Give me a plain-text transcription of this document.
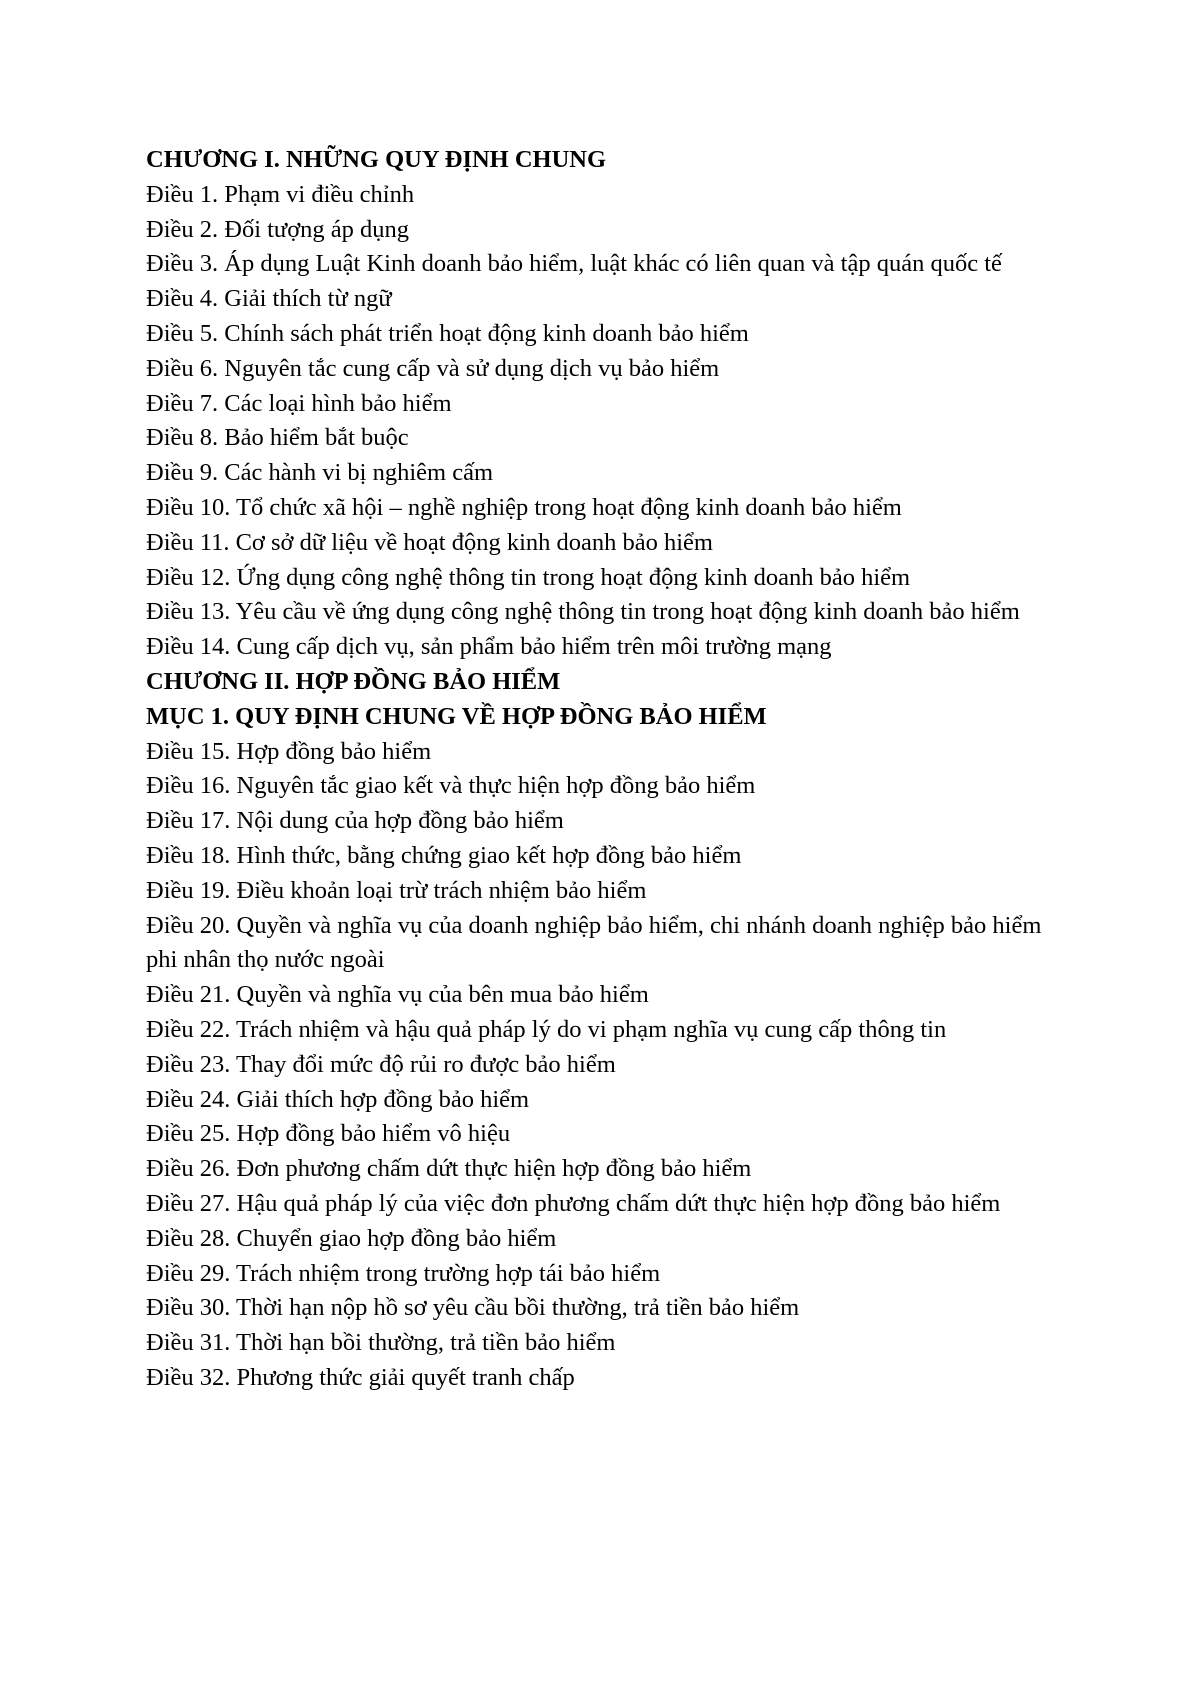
CHƯƠNG I. NHỮNG QUY ĐỊNH CHUNG
Điều 1. Phạm vi điều chỉnh
Điều 2. Đối tượng áp dụng
Điều 3. Áp dụng Luật Kinh doanh bảo hiểm, luật khác có liên quan và tập quán quốc tế
Điều 4. Giải thích từ ngữ
Điều 5. Chính sách phát triển hoạt động kinh doanh bảo hiểm
Điều 6. Nguyên tắc cung cấp và sử dụng dịch vụ bảo hiểm
Điều 7. Các loại hình bảo hiểm
Điều 8. Bảo hiểm bắt buộc
Điều 9. Các hành vi bị nghiêm cấm
Điều 10. Tổ chức xã hội – nghề nghiệp trong hoạt động kinh doanh bảo hiểm
Điều 11. Cơ sở dữ liệu về hoạt động kinh doanh bảo hiểm
Điều 12. Ứng dụng công nghệ thông tin trong hoạt động kinh doanh bảo hiểm
Điều 13. Yêu cầu về ứng dụng công nghệ thông tin trong hoạt động kinh doanh bảo hiểm
Điều 14. Cung cấp dịch vụ, sản phẩm bảo hiểm trên môi trường mạng
CHƯƠNG II. HỢP ĐỒNG BẢO HIỂM
MỤC 1. QUY ĐỊNH CHUNG VỀ HỢP ĐỒNG BẢO HIỂM
Điều 15. Hợp đồng bảo hiểm
Điều 16. Nguyên tắc giao kết và thực hiện hợp đồng bảo hiểm
Điều 17. Nội dung của hợp đồng bảo hiểm
Điều 18. Hình thức, bằng chứng giao kết hợp đồng bảo hiểm
Điều 19. Điều khoản loại trừ trách nhiệm bảo hiểm
Điều 20. Quyền và nghĩa vụ của doanh nghiệp bảo hiểm, chi nhánh doanh nghiệp bảo hiểm phi nhân thọ nước ngoài
Điều 21. Quyền và nghĩa vụ của bên mua bảo hiểm
Điều 22. Trách nhiệm và hậu quả pháp lý do vi phạm nghĩa vụ cung cấp thông tin
Điều 23. Thay đổi mức độ rủi ro được bảo hiểm
Điều 24. Giải thích hợp đồng bảo hiểm
Điều 25. Hợp đồng bảo hiểm vô hiệu
Điều 26. Đơn phương chấm dứt thực hiện hợp đồng bảo hiểm
Điều 27. Hậu quả pháp lý của việc đơn phương chấm dứt thực hiện hợp đồng bảo hiểm
Điều 28. Chuyển giao hợp đồng bảo hiểm
Điều 29. Trách nhiệm trong trường hợp tái bảo hiểm
Điều 30. Thời hạn nộp hồ sơ yêu cầu bồi thường, trả tiền bảo hiểm
Điều 31. Thời hạn bồi thường, trả tiền bảo hiểm
Điều 32. Phương thức giải quyết tranh chấp
